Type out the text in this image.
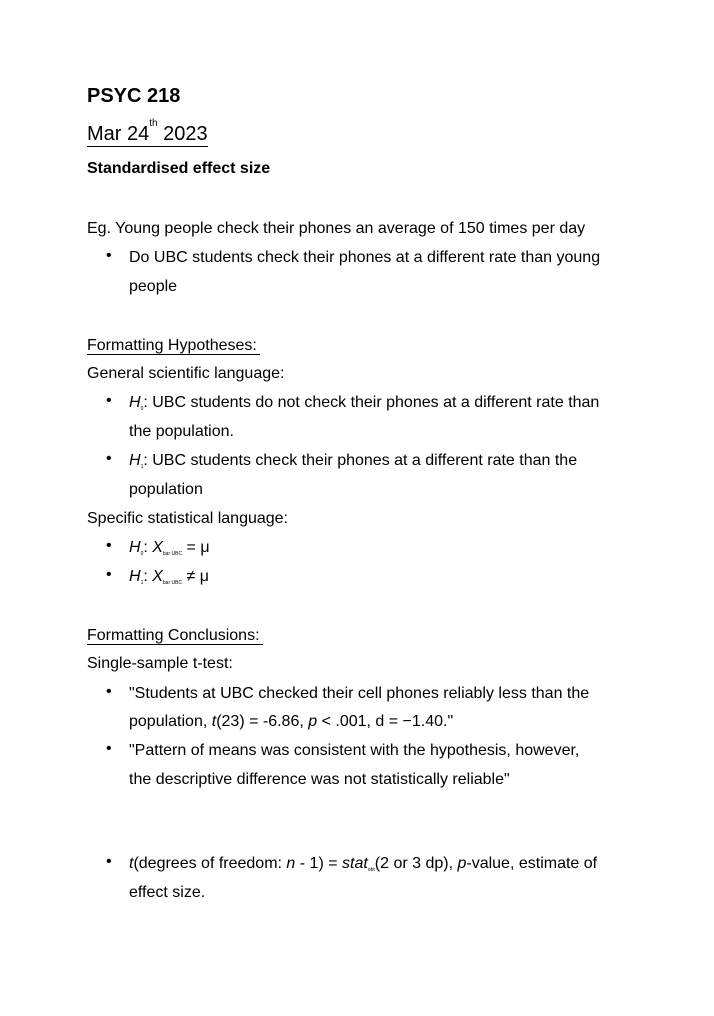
PSYC 218
Mar 24th 2023
Standardised effect size
Eg. Young people check their phones an average of 150 times per day
• Do UBC students check their phones at a different rate than young
people
Formatting Hypotheses:
General scientific language:
• H0: UBC students do not check their phones at a different rate than
the population.
• H1: UBC students check their phones at a different rate than the
population
Specific statistical language:
• H0: Xbar UBC = μ
• H1: Xbar UBC ≠ μ
Formatting Conclusions:
Single-sample t-test:
• "Students at UBC checked their cell phones reliably less than the
population, t(23) = -6.86, p < .001, d = −1.40."
• "Pattern of means was consistent with the hypothesis, however,
the descriptive difference was not statistically reliable"
• t(degrees of freedom: n - 1) = statobt(2 or 3 dp), p-value, estimate of
effect size.
